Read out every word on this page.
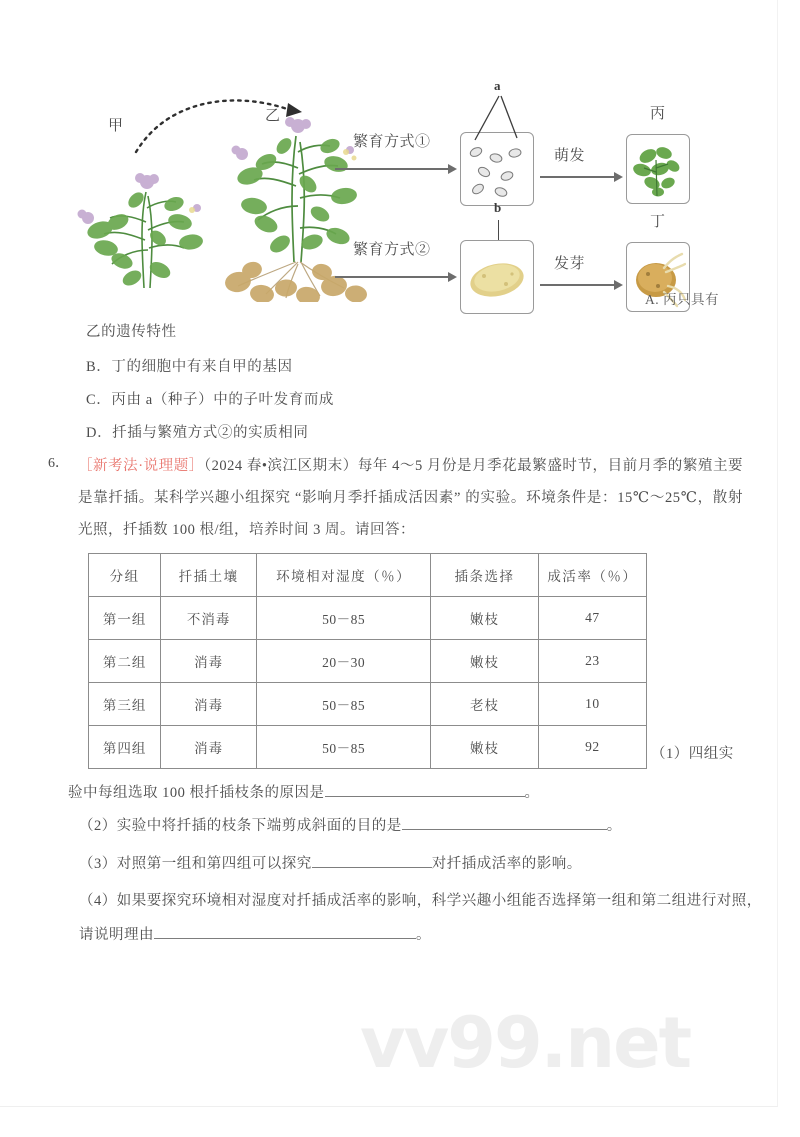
甲
乙
繁育方式①
繁育方式②
a
萌发
丙
b
发芽
丁
A. 丙只具有
乙的遗传特性
B．丁的细胞中有来自甲的基因
C．丙由 a（种子）中的子叶发育而成
D．扦插与繁殖方式②的实质相同
6． ［新考法·说理题］（2024 春•滨江区期末）每年 4～5 月份是月季花最繁盛时节，目前月季的繁殖主要是靠扦插。某科学兴趣小组探究 “影响月季扦插成活因素” 的实验。环境条件是：15℃～25℃，散射光照，扦插数 100 根/组，培养时间 3 周。请回答：
分组	扦插土壤	环境相对湿度（％）	插条选择	成活率（％）
第一组	不消毒	50－85	嫩枝	47
第二组	消毒	20－30	嫩枝	23
第三组	消毒	50－85	老枝	10
第四组	消毒	50－85	嫩枝	92	（1）四组实
验中每组选取 100 根扦插枝条的原因是	。
（2）实验中将扦插的枝条下端剪成斜面的目的是	。
（3）对照第一组和第四组可以探究	对扦插成活率的影响。
（4）如果要探究环境相对湿度对扦插成活率的影响，科学兴趣小组能否选择第一组和第二组进行对照，
请说明理由	。
vv99.net
